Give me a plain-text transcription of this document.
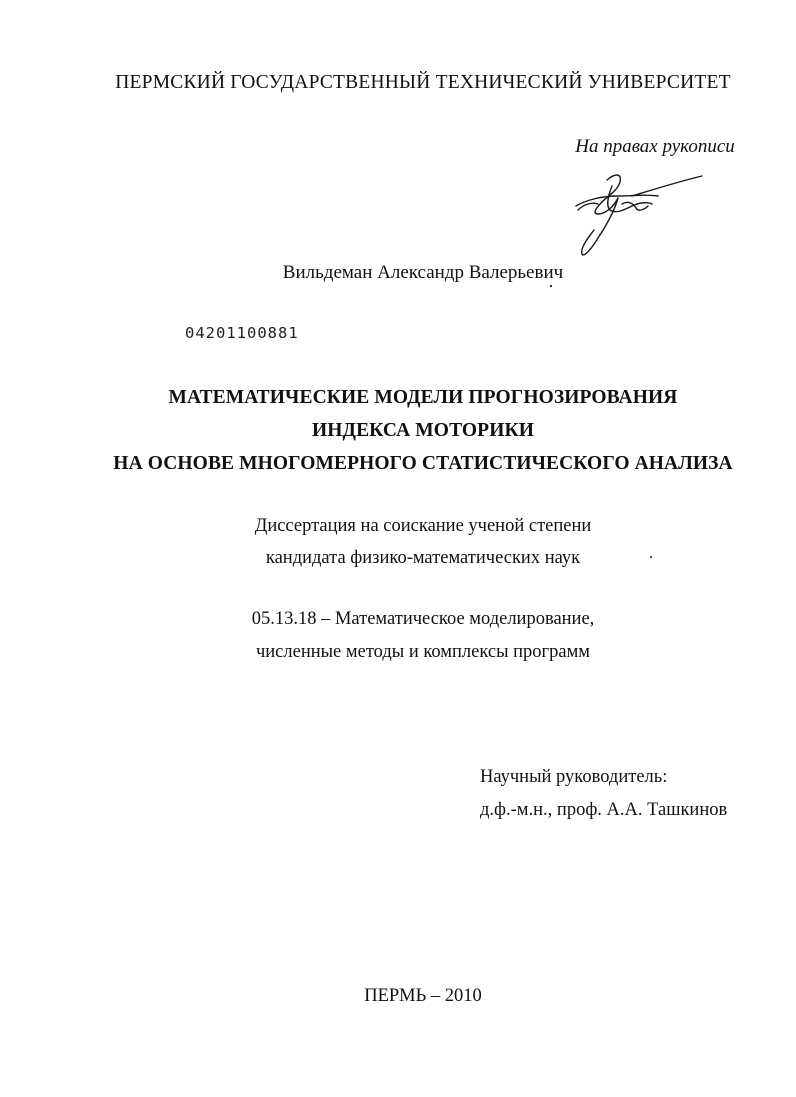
ПЕРМСКИЙ ГОСУДАРСТВЕННЫЙ ТЕХНИЧЕСКИЙ УНИВЕРСИТЕТ
На правах рукописи
Вильдеман Александр Валерьевич
04201100881
МАТЕМАТИЧЕСКИЕ МОДЕЛИ ПРОГНОЗИРОВАНИЯ
ИНДЕКСА МОТОРИКИ
НА ОСНОВЕ МНОГОМЕРНОГО СТАТИСТИЧЕСКОГО АНАЛИЗА
Диссертация на соискание ученой степени
кандидата физико-математических наук
05.13.18 – Математическое моделирование,
численные методы и комплексы программ
Научный руководитель:
д.ф.-м.н., проф. А.А. Ташкинов
ПЕРМЬ – 2010
